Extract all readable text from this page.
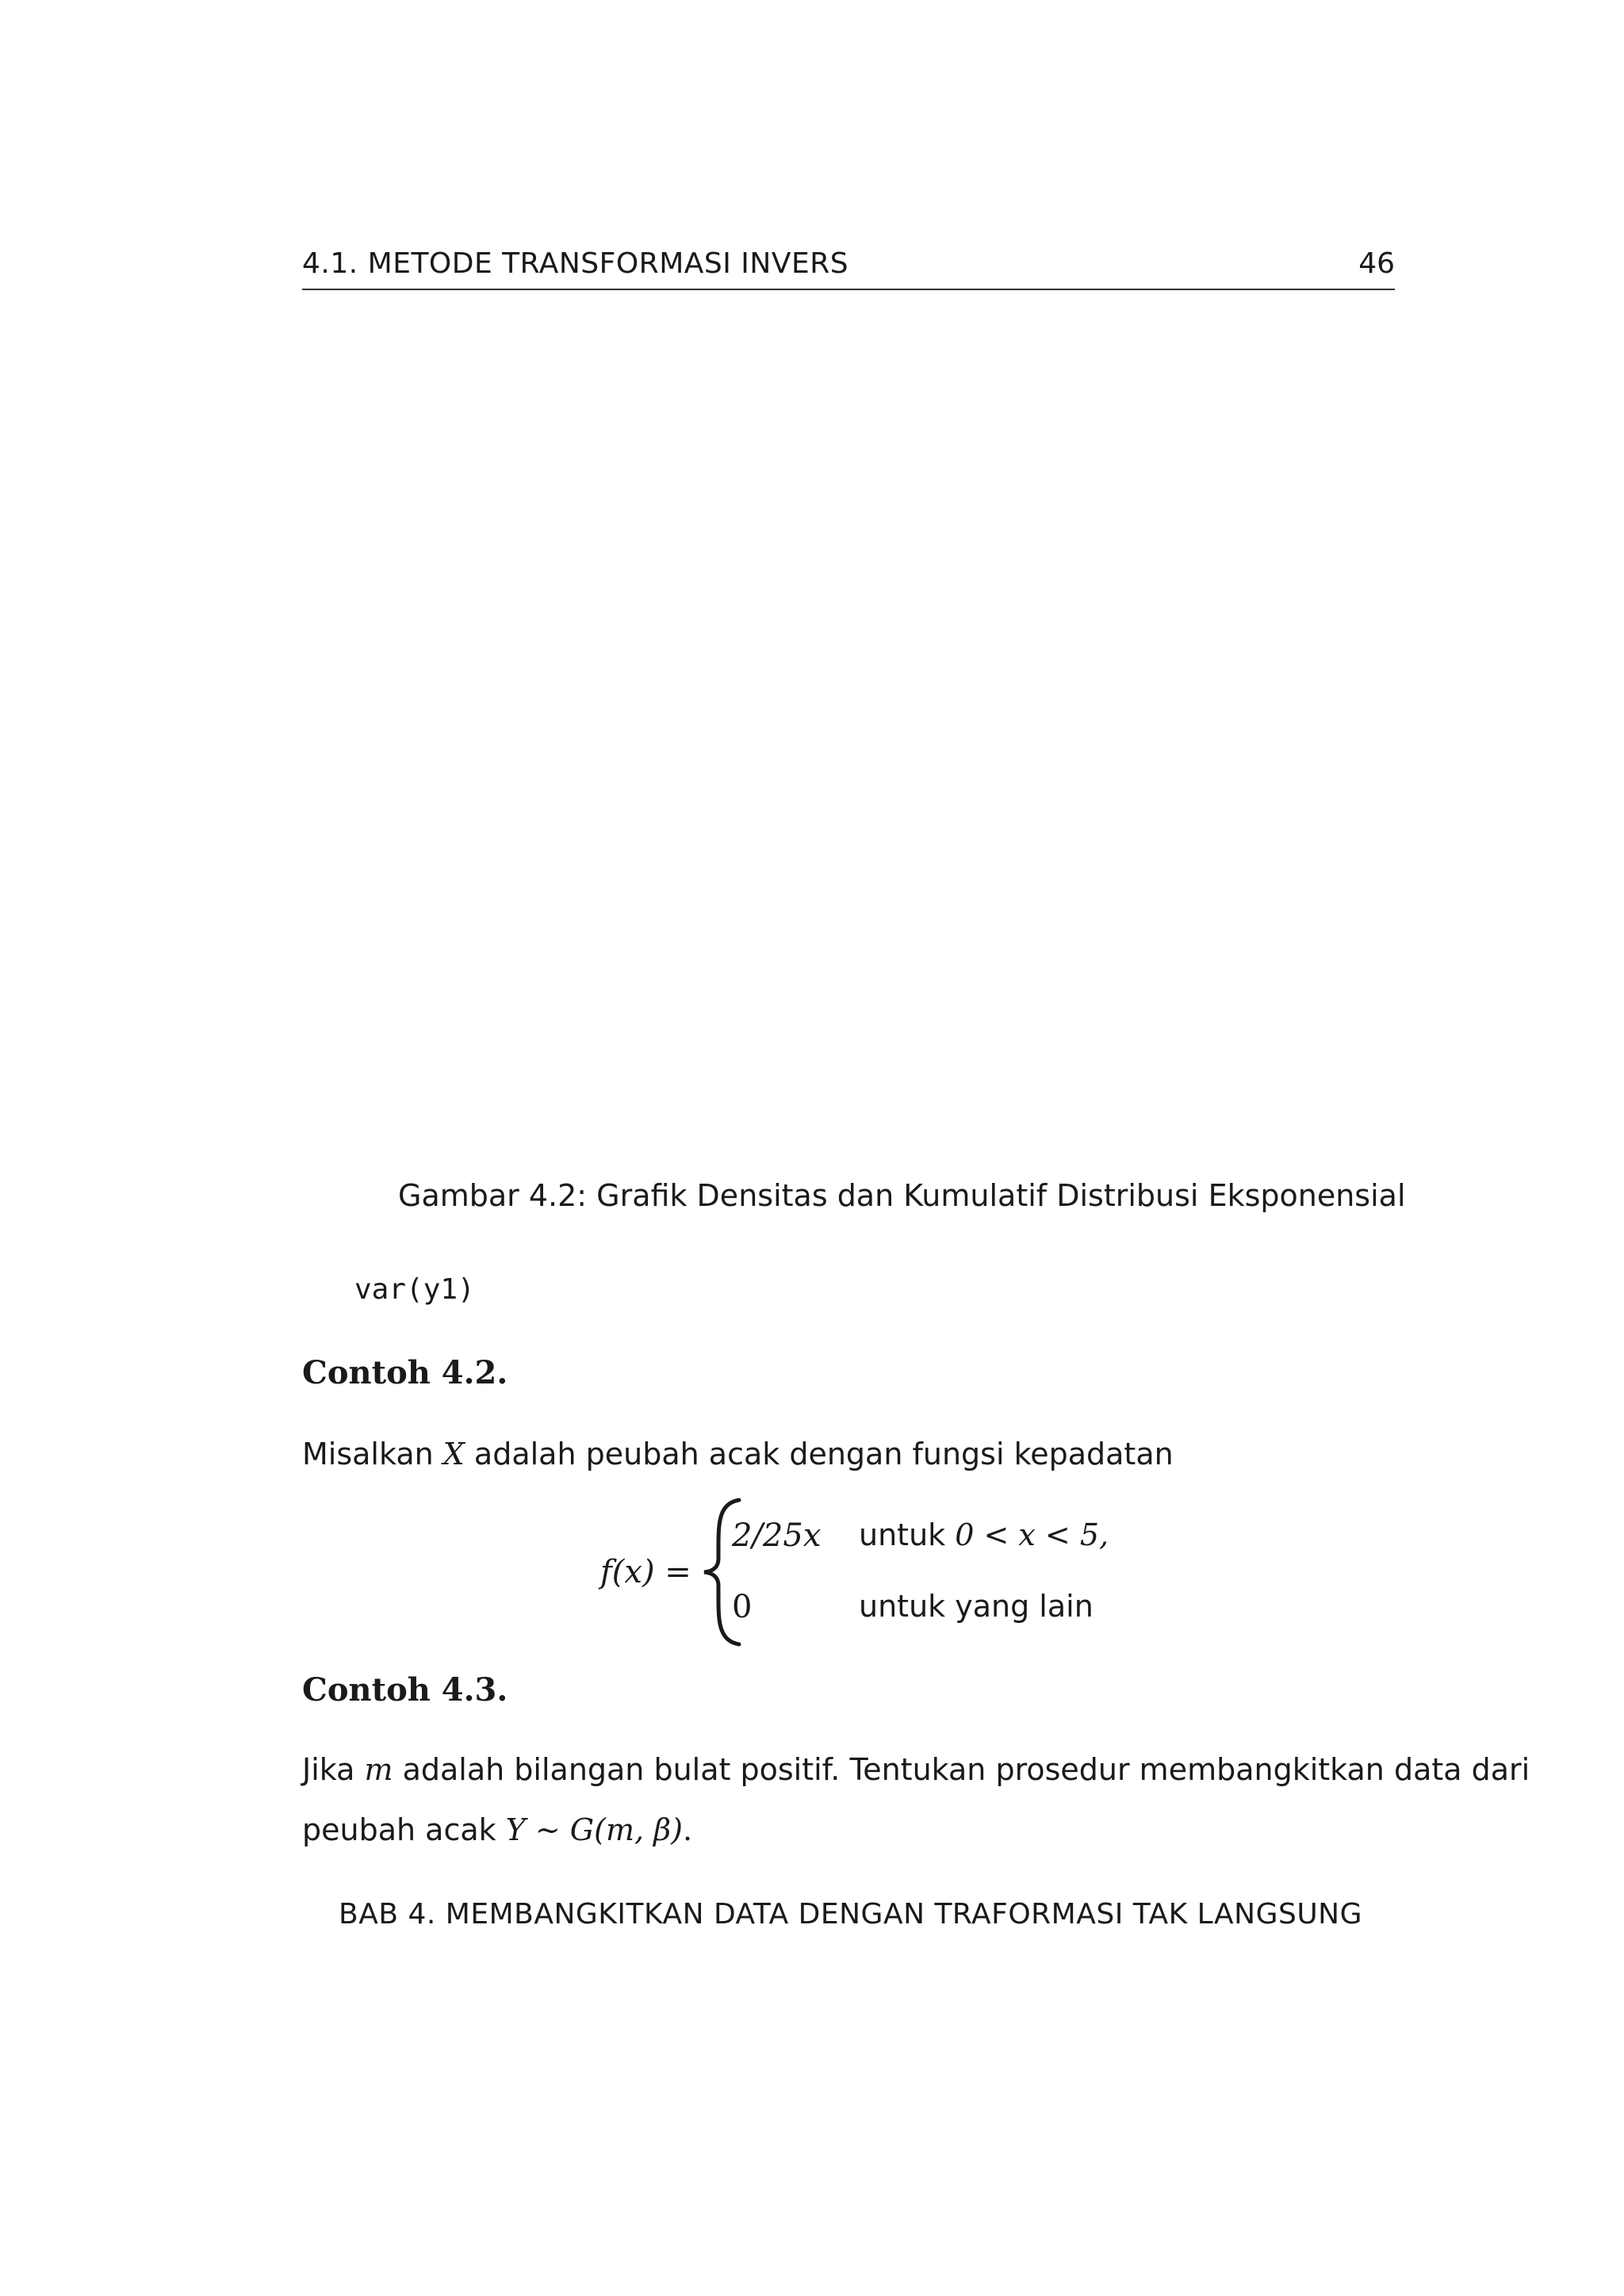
4.1. METODE TRANSFORMASI INVERS	46
Gambar 4.2: Grafik Densitas dan Kumulatif Distribusi Eksponensial
var(y1)
Contoh 4.2.
Misalkan X adalah peubah acak dengan fungsi kepadatan
f(x) =
2/25x untuk 0 < x < 5,
0	untuk yang lain
Contoh 4.3.
Jika m adalah bilangan bulat positif. Tentukan prosedur membangkitkan data dari
peubah acak Y ∼ G(m, β).
BAB 4. MEMBANGKITKAN DATA DENGAN TRAFORMASI TAK LANGSUNG
